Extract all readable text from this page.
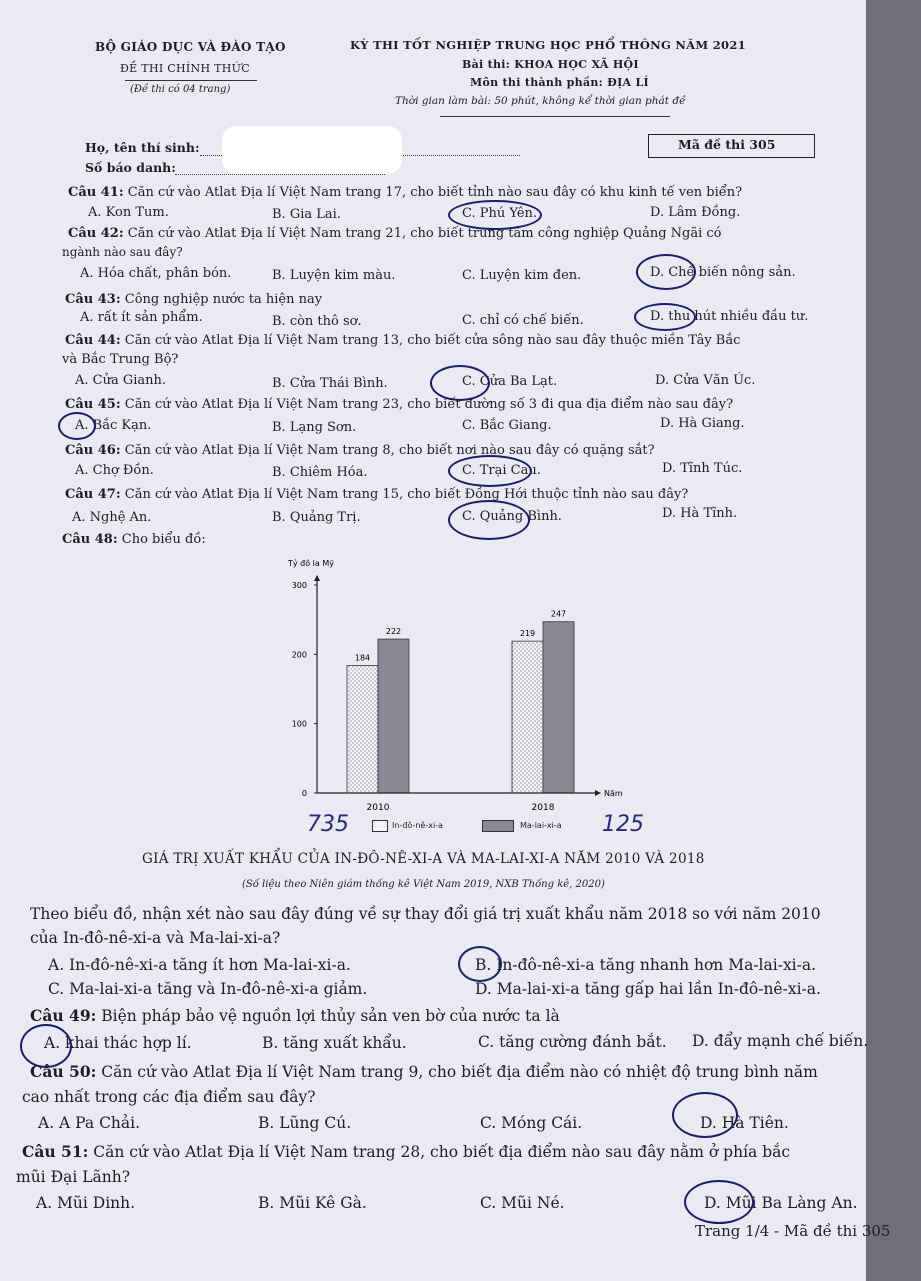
BỘ GIÁO DỤC VÀ ĐÀO TẠO
ĐỀ THI CHÍNH THỨC
(Đề thi có 04 trang)
KỲ THI TỐT NGHIỆP TRUNG HỌC PHỔ THÔNG NĂM 2021
Bài thi: KHOA HỌC XÃ HỘI
Môn thi thành phần: ĐỊA LÍ
Thời gian làm bài: 50 phút, không kể thời gian phát đề
Họ, tên thí sinh:
Số báo danh:
Mã đề thi 305
Câu 41: Căn cứ vào Atlat Địa lí Việt Nam trang 17, cho biết tỉnh nào sau đây có khu kinh tế ven biển?
A. Kon Tum.	B. Gia Lai.	C. Phú Yên.	D. Lâm Đồng.
Câu 42: Căn cứ vào Atlat Địa lí Việt Nam trang 21, cho biết trung tâm công nghiệp Quảng Ngãi có
ngành nào sau đây?
A. Hóa chất, phân bón.	B. Luyện kim màu.	C. Luyện kim đen.	D. Chế biến nông sản.
Câu 43: Công nghiệp nước ta hiện nay
A. rất ít sản phẩm.	B. còn thô sơ.	C. chỉ có chế biến.	D. thu hút nhiều đầu tư.
Câu 44: Căn cứ vào Atlat Địa lí Việt Nam trang 13, cho biết cửa sông nào sau đây thuộc miền Tây Bắc
và Bắc Trung Bộ?
A. Cửa Gianh.	B. Cửa Thái Bình.	C. Cửa Ba Lạt.	D. Cửa Văn Úc.
Câu 45: Căn cứ vào Atlat Địa lí Việt Nam trang 23, cho biết đường số 3 đi qua địa điểm nào sau đây?
A. Bắc Kạn.	B. Lạng Sơn.	C. Bắc Giang.	D. Hà Giang.
Câu 46: Căn cứ vào Atlat Địa lí Việt Nam trang 8, cho biết nơi nào sau đây có quặng sắt?
A. Chợ Đồn.	B. Chiêm Hóa.	C. Trại Cau.	D. Tĩnh Túc.
Câu 47: Căn cứ vào Atlat Địa lí Việt Nam trang 15, cho biết Đồng Hới thuộc tỉnh nào sau đây?
A. Nghệ An.	B. Quảng Trị.	C. Quảng Bình.	D. Hà Tĩnh.
Câu 48: Cho biểu đồ:
Tỷ đô la Mỹ
184
222	219
247
0
100
200
300
Năm
2010	2018
In-đô-nê-xi-a	Ma-lai-xi-a
735	125
GIÁ TRỊ XUẤT KHẨU CỦA IN-ĐÔ-NÊ-XI-A VÀ MA-LAI-XI-A NĂM 2010 VÀ 2018
(Số liệu theo Niên giám thống kê Việt Nam 2019, NXB Thống kê, 2020)
Theo biểu đồ, nhận xét nào sau đây đúng về sự thay đổi giá trị xuất khẩu năm 2018 so với năm 2010
của In-đô-nê-xi-a và Ma-lai-xi-a?
A. In-đô-nê-xi-a tăng ít hơn Ma-lai-xi-a.	B. In-đô-nê-xi-a tăng nhanh hơn Ma-lai-xi-a.
C. Ma-lai-xi-a tăng và In-đô-nê-xi-a giảm.	D. Ma-lai-xi-a tăng gấp hai lần In-đô-nê-xi-a.
Câu 49: Biện pháp bảo vệ nguồn lợi thủy sản ven bờ của nước ta là
A. khai thác hợp lí.	B. tăng xuất khẩu.	C. tăng cường đánh bắt. D. đẩy mạnh chế biến.
Câu 50: Căn cứ vào Atlat Địa lí Việt Nam trang 9, cho biết địa điểm nào có nhiệt độ trung bình năm
cao nhất trong các địa điểm sau đây?
A. A Pa Chải.	B. Lũng Cú.	C. Móng Cái.	D. Hà Tiên.
Câu 51: Căn cứ vào Atlat Địa lí Việt Nam trang 28, cho biết địa điểm nào sau đây nằm ở phía bắc
mũi Đại Lãnh?
A. Mũi Dinh.	B. Mũi Kê Gà.	C. Mũi Né.	D. Mũi Ba Làng An.
Trang 1/4 - Mã đề thi 305
